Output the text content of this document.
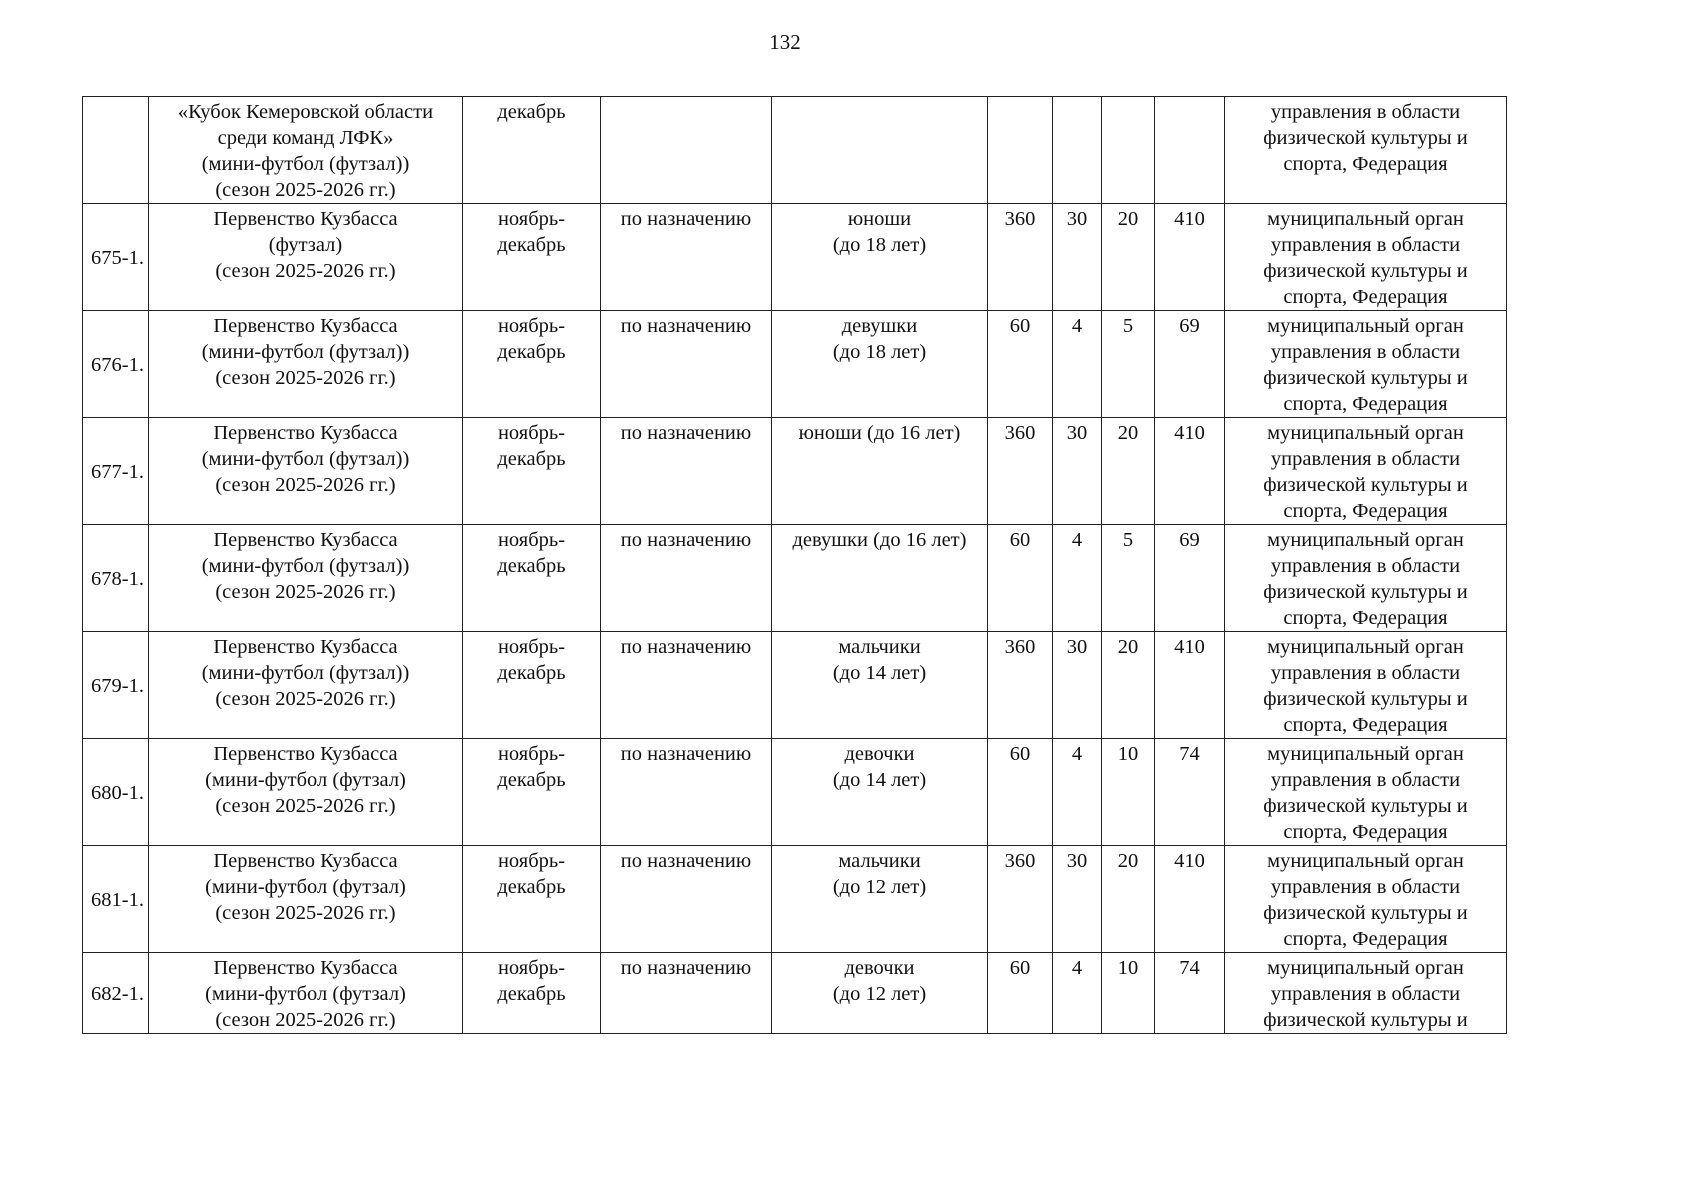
132
	«Кубок Кемеровской области
среди команд ЛФК»
(мини-футбол (футзал))
(сезон 2025-2026 гг.)	декабрь							управления в области
физической культуры и
спорта, Федерация
675-1.	Первенство Кузбасса
(футзал)
(сезон 2025-2026 гг.)	ноябрь-
декабрь	по назначению	юноши
(до 18 лет)	360	30	20	410	муниципальный орган
управления в области
физической культуры и
спорта, Федерация
676-1.	Первенство Кузбасса
(мини-футбол (футзал))
(сезон 2025-2026 гг.)	ноябрь-
декабрь	по назначению	девушки
(до 18 лет)	60	4	5	69	муниципальный орган
управления в области
физической культуры и
спорта, Федерация
677-1.	Первенство Кузбасса
(мини-футбол (футзал))
(сезон 2025-2026 гг.)	ноябрь-
декабрь	по назначению	юноши (до 16 лет)	360	30	20	410	муниципальный орган
управления в области
физической культуры и
спорта, Федерация
678-1.	Первенство Кузбасса
(мини-футбол (футзал))
(сезон 2025-2026 гг.)	ноябрь-
декабрь	по назначению	девушки (до 16 лет)	60	4	5	69	муниципальный орган
управления в области
физической культуры и
спорта, Федерация
679-1.	Первенство Кузбасса
(мини-футбол (футзал))
(сезон 2025-2026 гг.)	ноябрь-
декабрь	по назначению	мальчики
(до 14 лет)	360	30	20	410	муниципальный орган
управления в области
физической культуры и
спорта, Федерация
680-1.	Первенство Кузбасса
(мини-футбол (футзал)
(сезон 2025-2026 гг.)	ноябрь-
декабрь	по назначению	девочки
(до 14 лет)	60	4	10	74	муниципальный орган
управления в области
физической культуры и
спорта, Федерация
681-1.	Первенство Кузбасса
(мини-футбол (футзал)
(сезон 2025-2026 гг.)	ноябрь-
декабрь	по назначению	мальчики
(до 12 лет)	360	30	20	410	муниципальный орган
управления в области
физической культуры и
спорта, Федерация
682-1.	Первенство Кузбасса
(мини-футбол (футзал)
(сезон 2025-2026 гг.)	ноябрь-
декабрь	по назначению	девочки
(до 12 лет)	60	4	10	74	муниципальный орган
управления в области
физической культуры и
